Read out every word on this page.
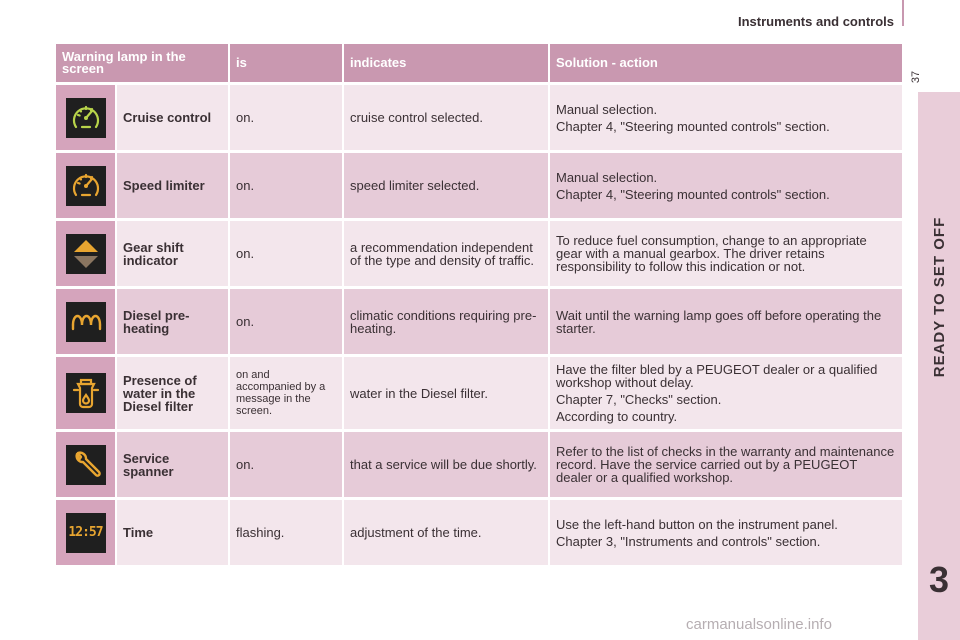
Instruments and controls
37
READY TO SET OFF
3
Warning lamp in the screen		is	indicates	Solution - action

	Cruise control	on.	cruise control selected.	Manual selection.

Chapter 4, "Steering mounted controls" section.

	Speed limiter	on.	speed limiter selected.	Manual selection.

Chapter 4, "Steering mounted controls" section.

	Gear shift indicator	on.	a recommendation independent of the type and density of traffic.	To reduce fuel consumption, change to an appropriate gear with a manual gearbox. The driver retains responsibility to follow this indication or not.

	Diesel pre-heating	on.	climatic conditions requiring pre-heating.	Wait until the warning lamp goes off before operating the starter.

	Presence of water in the Diesel filter	on and accompanied by a message in the screen.	water in the Diesel filter.	Have the filter bled by a PEUGEOT dealer or a qualified workshop without delay.

Chapter 7, "Checks" section.

According to country.

	Service spanner	on.	that a service will be due shortly.	Refer to the list of checks in the warranty and maintenance record. Have the service carried out by a PEUGEOT dealer or a qualified workshop.

12:57	Time	flashing.	adjustment of the time.	Use the left-hand button on the instrument panel.

Chapter 3, "Instruments and controls" section.

carmanualsonline.info
